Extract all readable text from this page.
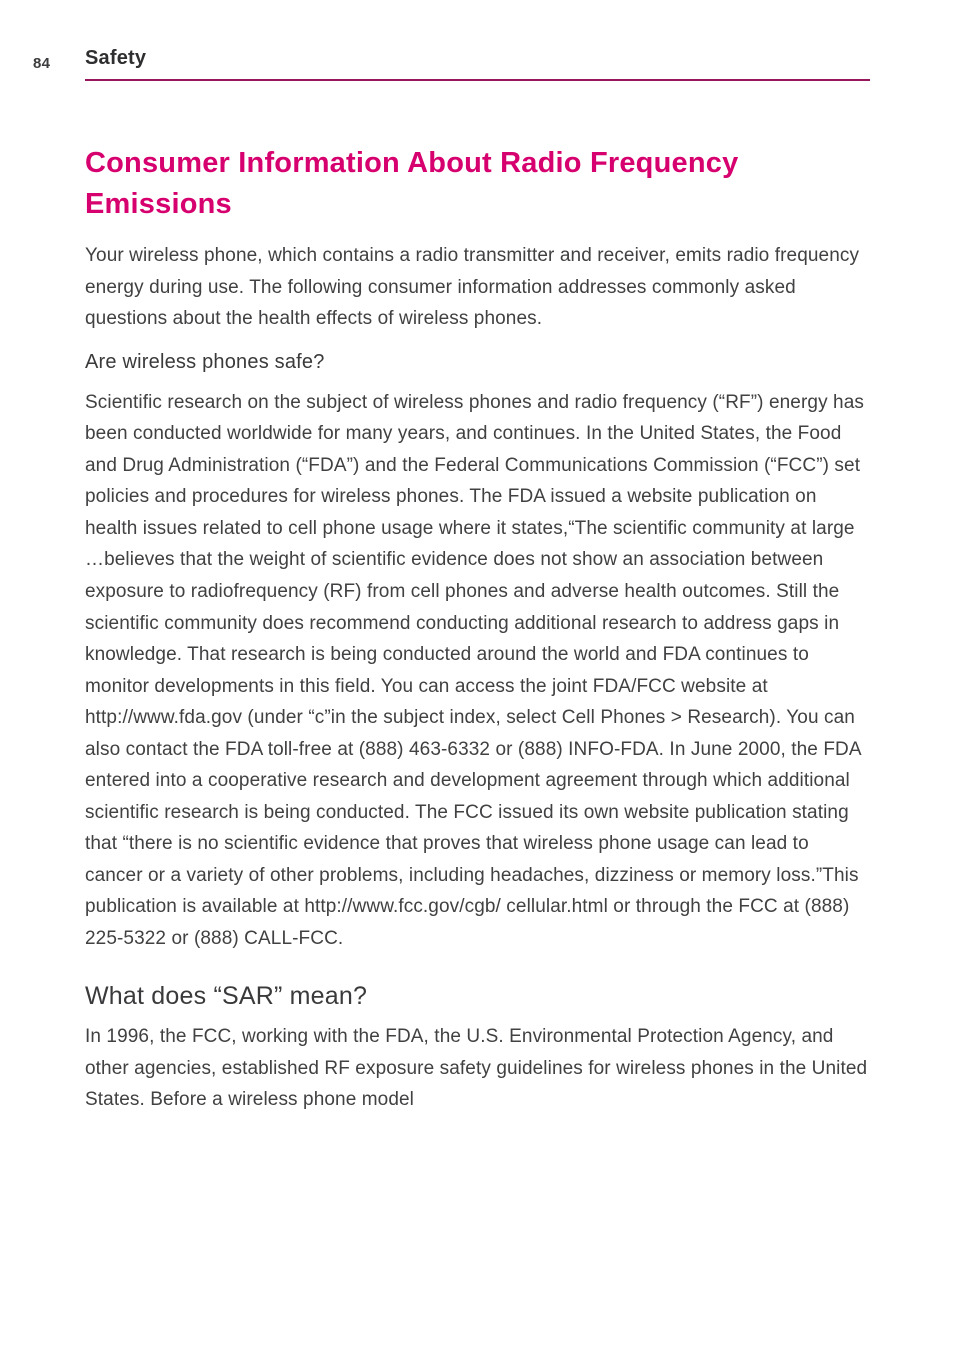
84 Safety
Consumer Information About Radio Frequency Emissions

Your wireless phone, which contains a radio transmitter and receiver, emits radio frequency energy during use. The following consumer information addresses commonly asked questions about the health effects of wireless phones.

Are wireless phones safe?

Scientific research on the subject of wireless phones and radio frequency (“RF”) energy has been conducted worldwide for many years, and continues. In the United States, the Food and Drug Administration (“FDA”) and the Federal Communications Commission (“FCC”) set policies and procedures for wireless phones. The FDA issued a website publication on health issues related to cell phone usage where it states,“The scientific community at large …believes that the weight of scientific evidence does not show an association between exposure to radiofrequency (RF) from cell phones and adverse health outcomes. Still the scientific community does recommend conducting additional research to address gaps in knowledge. That research is being conducted around the world and FDA continues to monitor developments in this field. You can access the joint FDA/FCC website at http://www.fda.gov (under “c”in the subject index, select Cell Phones > Research). You can also contact the FDA toll-free at (888) 463-6332 or (888) INFO-FDA. In June 2000, the FDA entered into a cooperative research and development agreement through which additional scientific research is being conducted. The FCC issued its own website publication stating that “there is no scientific evidence that proves that wireless phone usage can lead to cancer or a variety of other problems, including headaches, dizziness or memory loss.”This publication is available at http://www.fcc.gov/cgb/ cellular.html or through the FCC at (888) 225-5322 or (888) CALL-FCC.

What does “SAR” mean?

In 1996, the FCC, working with the FDA, the U.S. Environmental Protection Agency, and other agencies, established RF exposure safety guidelines for wireless phones in the United States. Before a wireless phone model
